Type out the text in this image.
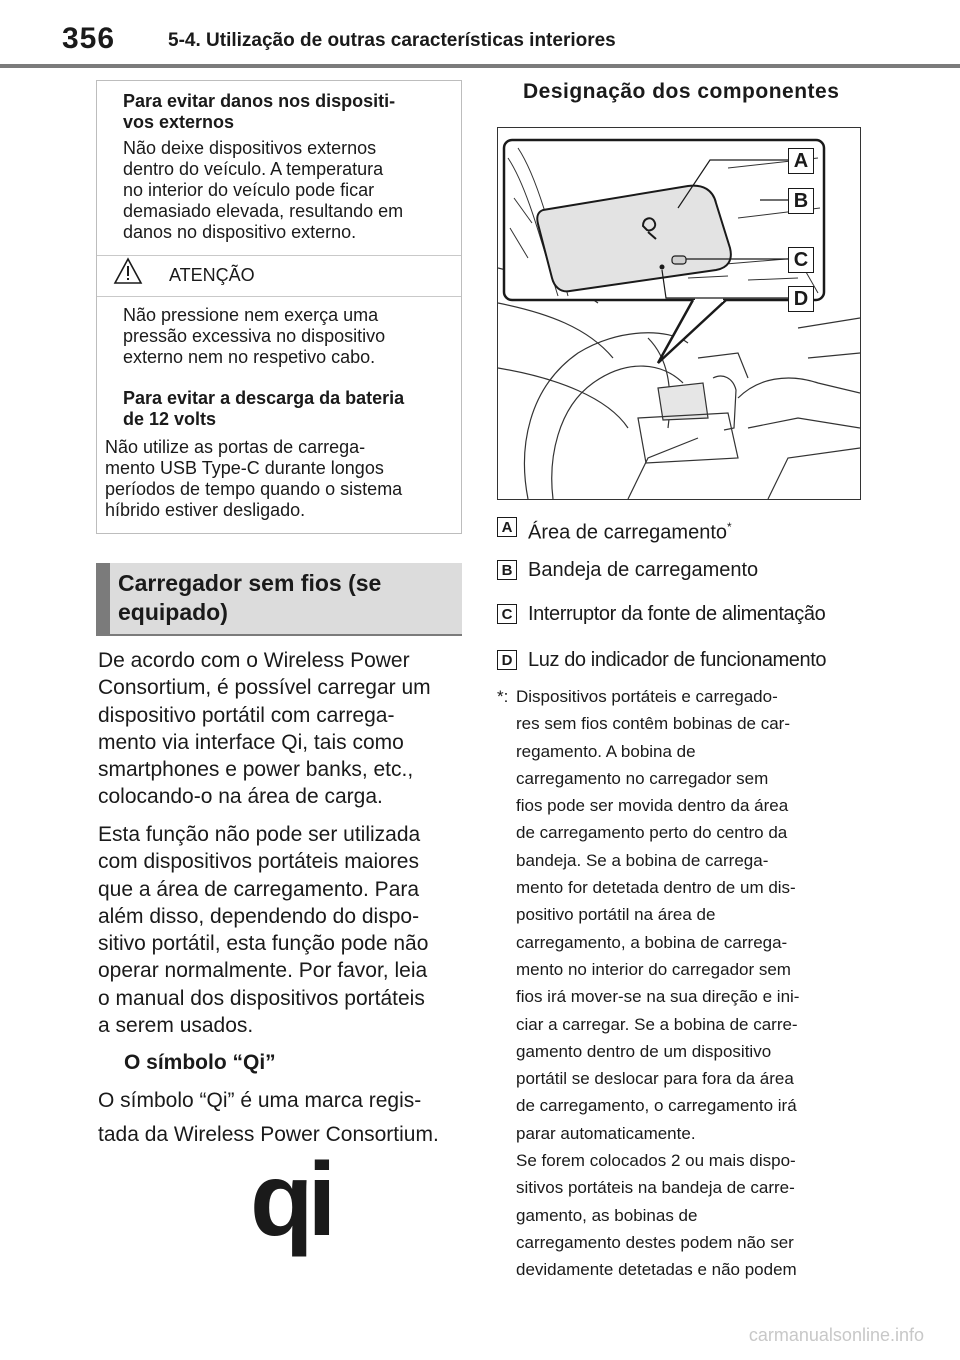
356	5-4. Utilização de outras características interiores
Para evitar danos nos dispositi-
vos externos
Não deixe dispositivos externos
dentro do veículo. A temperatura
no interior do veículo pode ficar
demasiado elevada, resultando em
danos no dispositivo externo.
ATENÇÃO
Não pressione nem exerça uma
pressão excessiva no dispositivo
externo nem no respetivo cabo.
Para evitar a descarga da bateria
de 12 volts
Não utilize as portas de carrega-
mento USB Type-C durante longos
períodos de tempo quando o sistema
híbrido estiver desligado.
Carregador sem fios (se
equipado)
De acordo com o Wireless Power
Consortium, é possível carregar um
dispositivo portátil com carrega-
mento via interface Qi, tais como
smartphones e power banks, etc.,
colocando-o na área de carga.
Esta função não pode ser utilizada
com dispositivos portáteis maiores
que a área de carregamento. Para
além disso, dependendo do dispo-
sitivo portátil, esta função pode não
operar normalmente. Por favor, leia
o manual dos dispositivos portáteis
a serem usados.
O símbolo “Qi”
O símbolo “Qi” é uma marca regis-
tada da Wireless Power Consortium.
qi
Designação dos componentes
A
B
C
D
A Área de carregamento*
B Bandeja de carregamento
C Interruptor da fonte de alimentação
D Luz do indicador de funcionamento
*: Dispositivos portáteis e carregado-
res sem fios contêm bobinas de car-
regamento. A bobina de
carregamento no carregador sem
fios pode ser movida dentro da área
de carregamento perto do centro da
bandeja. Se a bobina de carrega-
mento for detetada dentro de um dis-
positivo portátil na área de
carregamento, a bobina de carrega-
mento no interior do carregador sem
fios irá mover-se na sua direção e ini-
ciar a carregar. Se a bobina de carre-
gamento dentro de um dispositivo
portátil se deslocar para fora da área
de carregamento, o carregamento irá
parar automaticamente.
Se forem colocados 2 ou mais dispo-
sitivos portáteis na bandeja de carre-
gamento, as bobinas de
carregamento destes podem não ser
devidamente detetadas e não podem
carmanualsonline.info
